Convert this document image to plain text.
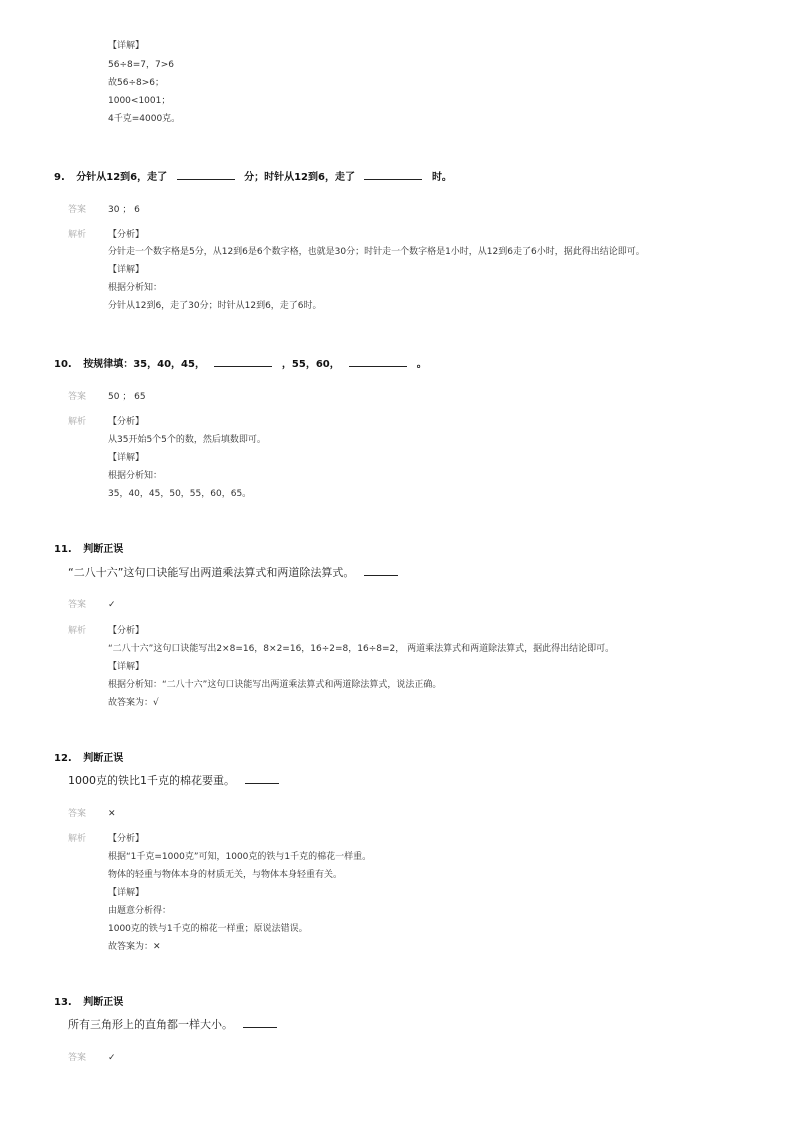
【详解】
56÷8=7，7>6
故56÷8>6；
1000<1001；
4千克=4000克。
9. 分针从12到6，走了	分；时针从12到6，走了	时。
答案 30 ； 6
解析 【分析】
分针走一个数字格是5分，从12到6是6个数字格，也就是30分；时针走一个数字格是1小时，从12到6走了6小时，据此得出结论即可。
【详解】
根据分析知：
分针从12到6，走了30分；时针从12到6，走了6时。
10. 按规律填：35，40，45，	，55，60，	。
答案 50 ； 65
解析 【分析】
从35开始5个5个的数，然后填数即可。
【详解】
根据分析知：
35，40，45，50，55，60，65。
11. 判断正误
“二八十六”这句口诀能写出两道乘法算式和两道除法算式。
答案 ✓
解析 【分析】
“二八十六”这句口诀能写出2×8=16，8×2=16，16÷2=8，16÷8=2， 两道乘法算式和两道除法算式，据此得出结论即可。
【详解】
根据分析知：“二八十六”这句口诀能写出两道乘法算式和两道除法算式，说法正确。
故答案为：√
12. 判断正误
1000克的铁比1千克的棉花要重。
答案 ✕
解析 【分析】
根据“1千克=1000克”可知，1000克的铁与1千克的棉花一样重。
物体的轻重与物体本身的材质无关，与物体本身轻重有关。
【详解】
由题意分析得：
1000克的铁与1千克的棉花一样重；原说法错误。
故答案为：✕
13. 判断正误
所有三角形上的直角都一样大小。
答案 ✓
